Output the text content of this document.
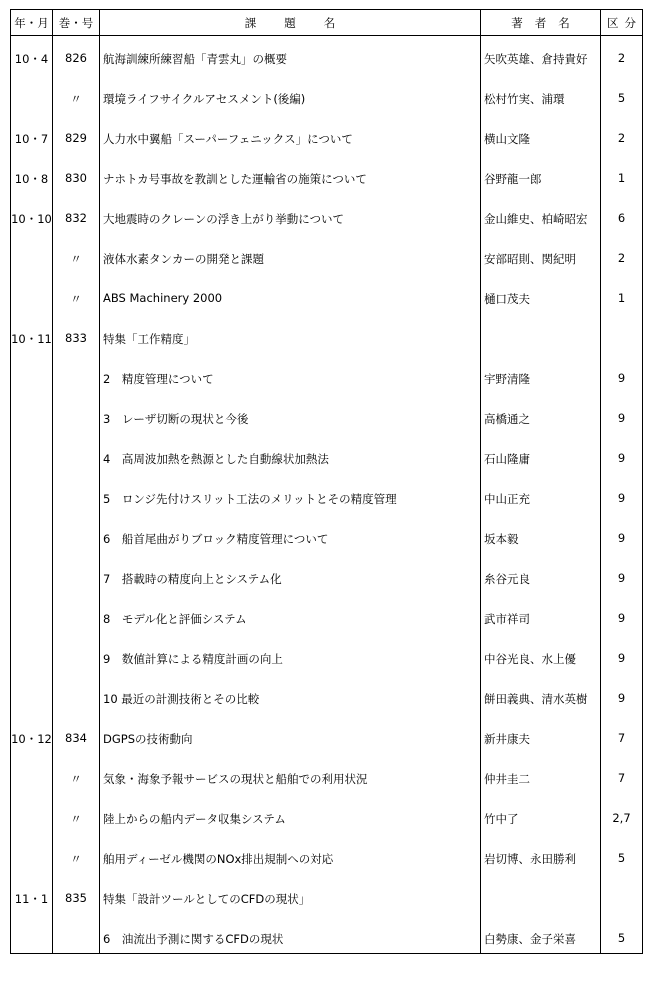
年・月	巻・号	課題名	著者名	区分

10・4	826	航海訓練所練習船「青雲丸」の概要	矢吹英雄、倉持貴好	2
	〃	環境ライフサイクルアセスメント(後編)	松村竹実、浦環	5
10・7	829	人力水中翼船「スーパーフェニックス」について	横山文隆	2
10・8	830	ナホトカ号事故を教訓とした運輸省の施策について	谷野龍一郎	1
10・10	832	大地震時のクレーンの浮き上がり挙動について	金山維史、柏崎昭宏	6
	〃	液体水素タンカーの開発と課題	安部昭則、関紀明	2
	〃	ABS Machinery 2000	樋口茂夫	1
10・11	833	特集「工作精度」		
		2　精度管理について	宇野清隆	9
		3　レーザ切断の現状と今後	高橋通之	9
		4　高周波加熱を熱源とした自動線状加熱法	石山隆庸	9
		5　ロンジ先付けスリット工法のメリットとその精度管理	中山正充	9
		6　船首尾曲がりブロック精度管理について	坂本毅	9
		7　搭載時の精度向上とシステム化	糸谷元良	9
		8　モデル化と評価システム	武市祥司	9
		9　数値計算による精度計画の向上	中谷光良、水上優	9
		10 最近の計測技術とその比較	餅田義典、清水英樹	9
10・12	834	DGPSの技術動向	新井康夫	7
	〃	気象・海象予報サービスの現状と船舶での利用状況	仲井圭二	7
	〃	陸上からの船内データ収集システム	竹中了	2,7
	〃	舶用ディーゼル機関のNOx排出規制への対応	岩切博、永田勝利	5
11・1	835	特集「設計ツールとしてのCFDの現状」		
		6　油流出予測に関するCFDの現状	白勢康、金子栄喜	5
